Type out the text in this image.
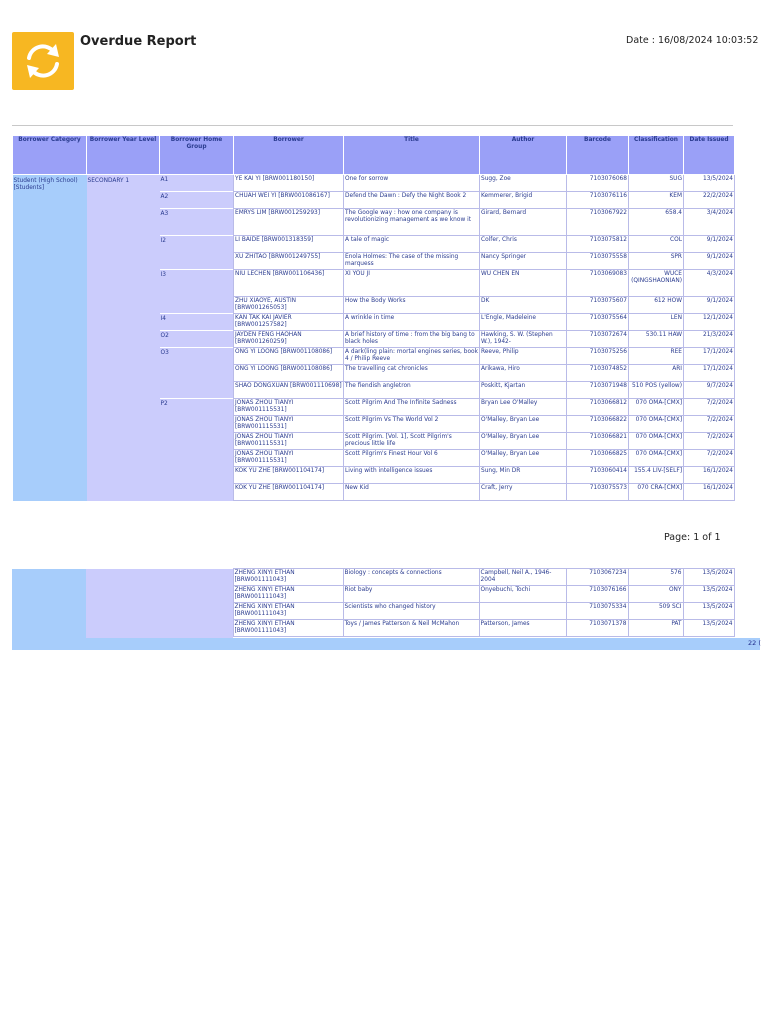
Overdue Report	Date : 16/08/2024 10:03:52
Borrower Category	Borrower Year Level	Borrower Home Group	Borrower	Title	Author	Barcode	Classification	Date Issued

Student (High School) [Students]	SECONDARY 1	A1	YE KAI YI [BRW001180150]	One for sorrow	Sugg, Zoe	7103076068	SUG	13/5/2024
		A2	CHUAH WEI YI [BRW001086167]	Defend the Dawn : Defy the Night Book 2	Kemmerer, Brigid	7103076116	KEM	22/2/2024
		A3	EMRYS LIM [BRW001259293]	The Google way : how one company is revolutionizing management as we know it	Girard, Bernard	7103067922	658.4	3/4/2024
		I2	LI BAIDE [BRW001318359]	A tale of magic	Colfer, Chris	7103075812	COL	9/1/2024
			XU ZHITAO [BRW001249755]	Enola Holmes: The case of the missing marquess	Nancy Springer	7103075558	SPR	9/1/2024
		I3	NIU LECHEN [BRW001106436]	XI YOU JI	WU CHEN EN	7103069083	WUCE (QINGSHAONIAN)	4/3/2024
			ZHU XIAOYE, AUSTIN [BRW001265053]	How the Body Works	DK	7103075607	612 HOW	9/1/2024
		I4	KAN TAK KAI JAVIER [BRW001257582]	A wrinkle in time	L'Engle, Madeleine	7103075564	LEN	12/1/2024
		O2	JAYDEN FENG HAOHAN [BRW001260259]	A brief history of time : from the big bang to black holes	Hawking, S. W. (Stephen W.), 1942-	7103072674	530.11 HAW	21/3/2024
		O3	ONG YI LOONG [BRW001108086]	A dark(ling plain: mortal engines series, book 4 / Philip Reeve	Reeve, Philip	7103075256	REE	17/1/2024
			ONG YI LOONG [BRW001108086]	The travelling cat chronicles	Arikawa, Hiro	7103074852	ARI	17/1/2024
			SHAO DONGXUAN [BRW001110698]	The fiendish angletron	Poskitt, Kjartan	7103071948	510 POS (yellow)	9/7/2024
		P2	JONAS ZHOU TIANYI [BRW001115531]	Scott Pilgrim And The Infinite Sadness	Bryan Lee O'Malley	7103066812	070 OMA-[CMX]	7/2/2024
			JONAS ZHOU TIANYI [BRW001115531]	Scott Pilgrim Vs The World Vol 2	O'Malley, Bryan Lee	7103066822	070 OMA-[CMX]	7/2/2024
			JONAS ZHOU TIANYI [BRW001115531]	Scott Pilgrim. [Vol. 1], Scott Pilgrim's precious little life	O'Malley, Bryan Lee	7103066821	070 OMA-[CMX]	7/2/2024
			JONAS ZHOU TIANYI [BRW001115531]	Scott Pilgrim's Finest Hour Vol 6	O'Malley, Bryan Lee	7103066825	070 OMA-[CMX]	7/2/2024
			KOK YU ZHE [BRW001104174]	Living with intelligence issues	Sung, Min DR	7103060414	155.4 LIV-[SELF]	16/1/2024
			KOK YU ZHE [BRW001104174]	New Kid	Craft, Jerry	7103075573	070 CRA-[CMX]	16/1/2024

Page: 1 of 1
			ZHENG XINYI ETHAN [BRW001111043]	Biology : concepts & connections	Campbell, Neil A., 1946-2004	7103067234	576	13/5/2024
			ZHENG XINYI ETHAN [BRW001111043]	Riot baby	Onyebuchi, Tochi	7103076166	ONY	13/5/2024
			ZHENG XINYI ETHAN [BRW001111043]	Scientists who changed history		7103075334	509 SCI	13/5/2024
			ZHENG XINYI ETHAN [BRW001111043]	Toys / James Patterson & Neil McMahon	Patterson, James	7103071378	PAT	13/5/2024

22 (
